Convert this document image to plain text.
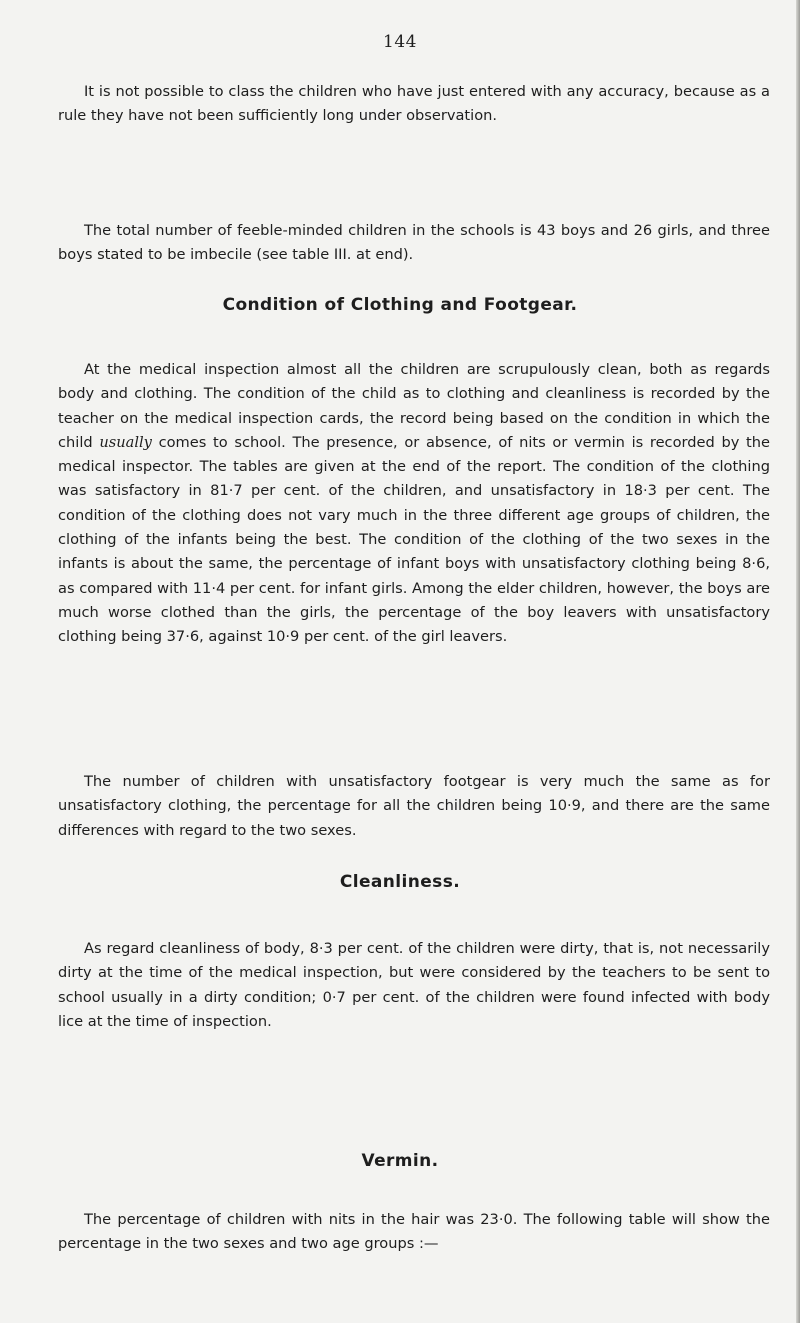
144

It is not possible to class the children who have just entered with any accuracy, because as a rule they have not been sufficiently long under observation.

The total number of feeble-minded children in the schools is 43 boys and 26 girls, and three boys stated to be imbecile (see table III. at end).

Condition of Clothing and Footgear.

At the medical inspection almost all the children are scrupulously clean, both as regards body and clothing. The condition of the child as to clothing and cleanliness is recorded by the teacher on the medical inspection cards, the record being based on the condition in which the child usually comes to school. The presence, or absence, of nits or vermin is recorded by the medical inspector. The tables are given at the end of the report. The condition of the clothing was satisfactory in 81·7 per cent. of the children, and unsatisfactory in 18·3 per cent. The condition of the clothing does not vary much in the three different age groups of children, the clothing of the infants being the best. The condition of the clothing of the two sexes in the infants is about the same, the percentage of infant boys with unsatisfactory clothing being 8·6, as compared with 11·4 per cent. for infant girls. Among the elder children, however, the boys are much worse clothed than the girls, the percentage of the boy leavers with unsatisfactory clothing being 37·6, against 10·9 per cent. of the girl leavers.

The number of children with unsatisfactory footgear is very much the same as for unsatisfactory clothing, the percentage for all the children being 10·9, and there are the same differences with regard to the two sexes.

Cleanliness.

As regard cleanliness of body, 8·3 per cent. of the children were dirty, that is, not necessarily dirty at the time of the medical inspection, but were considered by the teachers to be sent to school usually in a dirty condition; 0·7 per cent. of the children were found infected with body lice at the time of inspection.

Vermin.

The percentage of children with nits in the hair was 23·0. The following table will show the percentage in the two sexes and two age groups :—
